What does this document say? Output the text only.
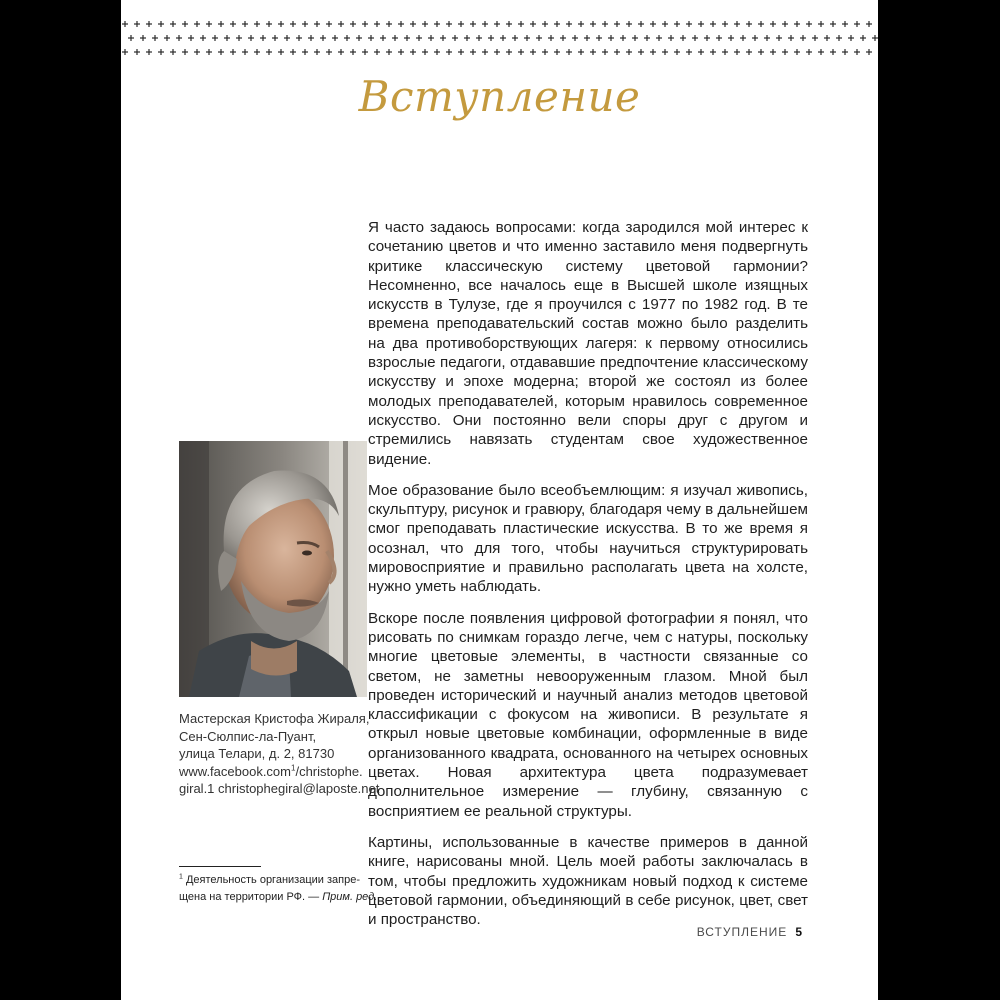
Вступление

Я часто задаюсь вопросами: когда зародился мой интерес к сочетанию цветов и что именно заставило меня подвергнуть критике классическую систему цветовой гармонии? Несомненно, все началось еще в Высшей школе изящных искусств в Тулузе, где я проучился с 1977 по 1982 год. В те времена преподавательский состав можно было разделить на два противоборствующих лагеря: к первому относились взрослые педагоги, отдававшие предпочтение классическому искусству и эпохе модерна; второй же состоял из более молодых преподавателей, которым нравилось современное искусство. Они постоянно вели споры друг с другом и стремились навязать студентам свое художественное видение.

Мое образование было всеобъемлющим: я изучал живопись, скульптуру, рисунок и гравюру, благодаря чему в дальнейшем смог преподавать пластические искусства. В то же время я осознал, что для того, чтобы научиться структурировать мировосприятие и правильно располагать цвета на холсте, нужно уметь наблюдать.

Вскоре после появления цифровой фотографии я понял, что рисовать по снимкам гораздо легче, чем с натуры, поскольку многие цветовые элементы, в частности связанные со светом, не заметны невооруженным глазом. Мной был проведен исторический и научный анализ методов цветовой классификации с фокусом на живописи. В результате я открыл новые цветовые комбинации, оформленные в виде организованного квадрата, основанного на четырех основных цветах. Новая архитектура цвета подразумевает дополнительное измерение — глубину, связанную с восприятием ее реальной структуры.

Картины, использованные в качестве примеров в данной книге, нарисованы мной. Цель моей работы заключалась в том, чтобы предложить художникам новый подход к системе цветовой гармонии, объединяющий в себе рисунок, цвет, свет и пространство.

Мастерская Кристофа Жираля,
Сен-Сюлпис-ла-Пуант,
улица Телари, д. 2, 81730
www.facebook.com$^1$/christophe.
giral.1 christophegiral@laposte.net
$^1$ Деятельность организации запре-
щена на территории РФ. — Прим. ред.
ВСТУПЛЕНИЕ 5
